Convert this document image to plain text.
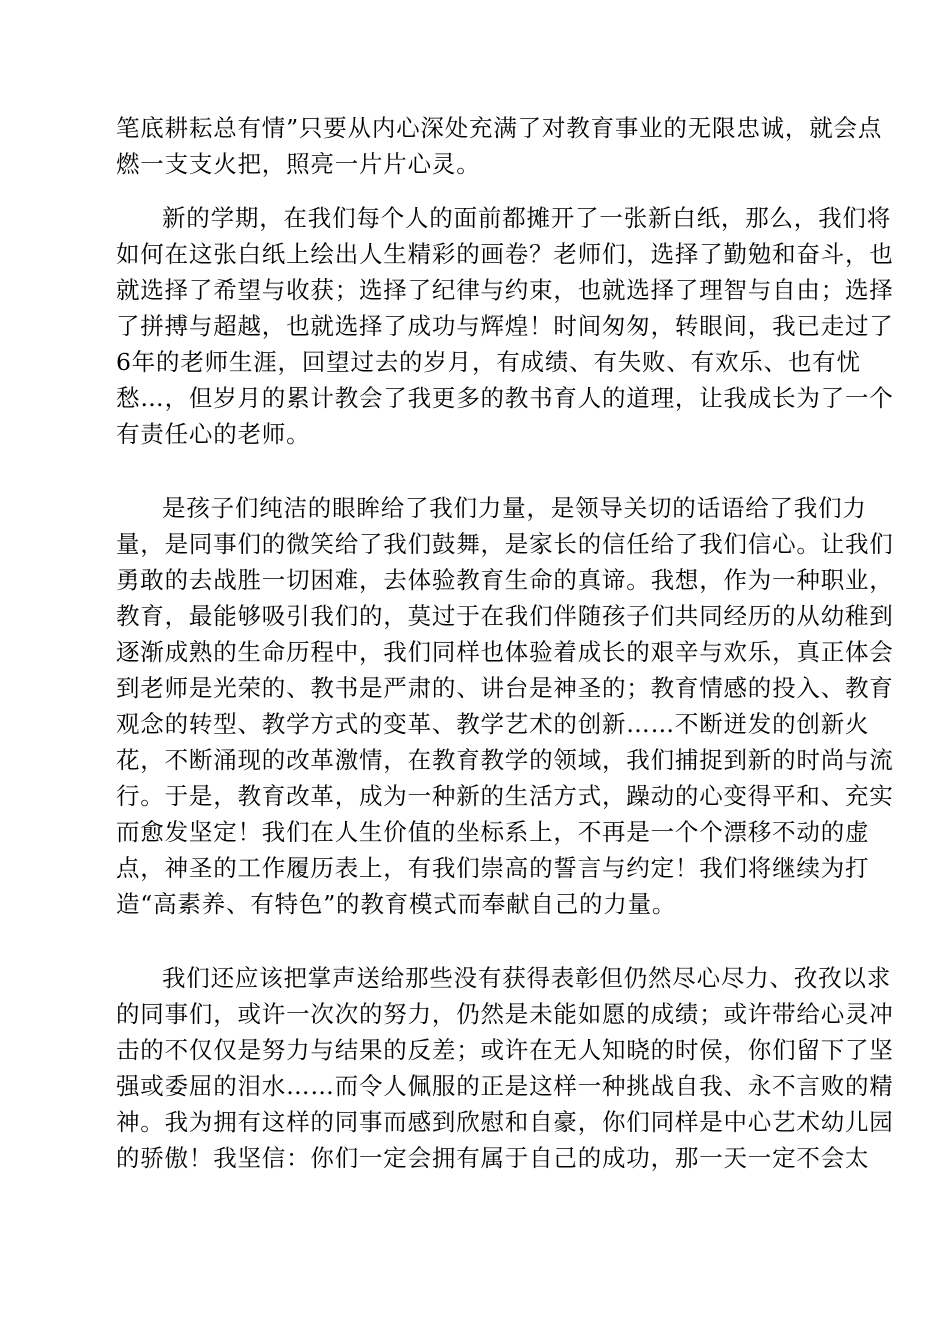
笔底耕耘总有情”只要从内心深处充满了对教育事业的无限忠诚，就会点
燃一支支火把，照亮一片片心灵。
新的学期，在我们每个人的面前都摊开了一张新白纸，那么，我们将
如何在这张白纸上绘出人生精彩的画卷？老师们，选择了勤勉和奋斗，也
就选择了希望与收获；选择了纪律与约束，也就选择了理智与自由；选择
了拼搏与超越，也就选择了成功与辉煌！时间匆匆，转眼间，我已走过了
6年的老师生涯，回望过去的岁月，有成绩、有失败、有欢乐、也有忧
愁…，但岁月的累计教会了我更多的教书育人的道理，让我成长为了一个
有责任心的老师。
是孩子们纯洁的眼眸给了我们力量，是领导关切的话语给了我们力
量，是同事们的微笑给了我们鼓舞，是家长的信任给了我们信心。让我们
勇敢的去战胜一切困难，去体验教育生命的真谛。我想，作为一种职业，
教育，最能够吸引我们的，莫过于在我们伴随孩子们共同经历的从幼稚到
逐渐成熟的生命历程中，我们同样也体验着成长的艰辛与欢乐，真正体会
到老师是光荣的、教书是严肃的、讲台是神圣的；教育情感的投入、教育
观念的转型、教学方式的变革、教学艺术的创新……不断迸发的创新火
花，不断涌现的改革激情，在教育教学的领域，我们捕捉到新的时尚与流
行。于是，教育改革，成为一种新的生活方式，躁动的心变得平和、充实
而愈发坚定！我们在人生价值的坐标系上，不再是一个个漂移不动的虚
点，神圣的工作履历表上，有我们崇高的誓言与约定！我们将继续为打
造“高素养、有特色”的教育模式而奉献自己的力量。
我们还应该把掌声送给那些没有获得表彰但仍然尽心尽力、孜孜以求
的同事们，或许一次次的努力，仍然是未能如愿的成绩；或许带给心灵冲
击的不仅仅是努力与结果的反差；或许在无人知晓的时侯，你们留下了坚
强或委屈的泪水……而令人佩服的正是这样一种挑战自我、永不言败的精
神。我为拥有这样的同事而感到欣慰和自豪，你们同样是中心艺术幼儿园
的骄傲！我坚信：你们一定会拥有属于自己的成功，那一天一定不会太
